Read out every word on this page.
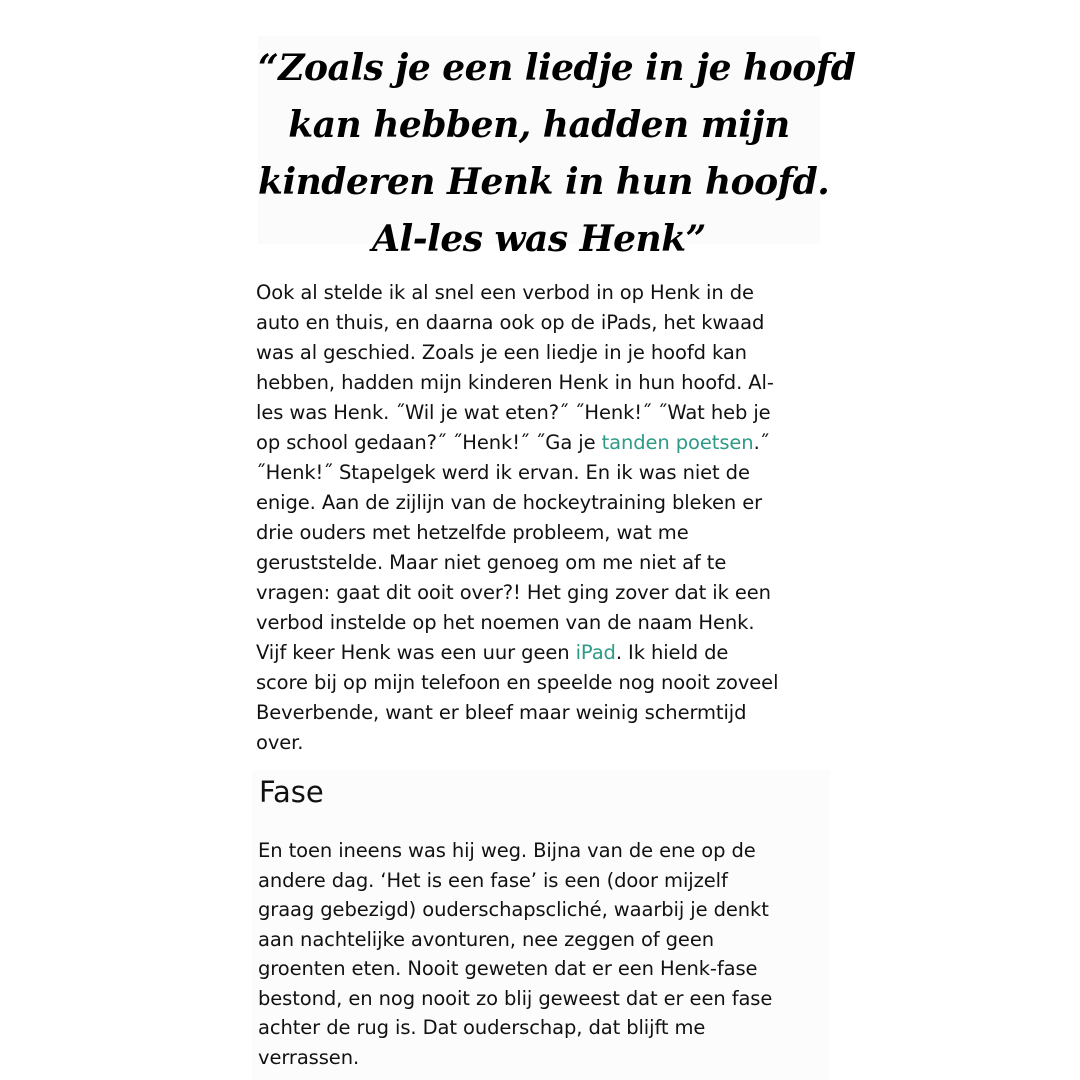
“Zoals je een liedje in je hoofd
kan hebben, hadden mijn
kinderen Henk in hun hoofd.
Al-les was Henk”

Ook al stelde ik al snel een verbod in op Henk in de
auto en thuis, en daarna ook op de iPads, het kwaad
was al geschied. Zoals je een liedje in je hoofd kan
hebben, hadden mijn kinderen Henk in hun hoofd. Al-
les was Henk. ˝Wil je wat eten?˝ ˝Henk!˝ ˝Wat heb je
op school gedaan?˝ ˝Henk!˝ ˝Ga je tanden poetsen.˝
˝Henk!˝ Stapelgek werd ik ervan. En ik was niet de
enige. Aan de zijlijn van de hockeytraining bleken er
drie ouders met hetzelfde probleem, wat me
geruststelde. Maar niet genoeg om me niet af te
vragen: gaat dit ooit over?! Het ging zover dat ik een
verbod instelde op het noemen van de naam Henk.
Vijf keer Henk was een uur geen iPad. Ik hield de
score bij op mijn telefoon en speelde nog nooit zoveel
Beverbende, want er bleef maar weinig schermtijd
over.
Fase
En toen ineens was hij weg. Bijna van de ene op de
andere dag. ‘Het is een fase’ is een (door mijzelf
graag gebezigd) ouderschapscliché, waarbij je denkt
aan nachtelijke avonturen, nee zeggen of geen
groenten eten. Nooit geweten dat er een Henk-fase
bestond, en nog nooit zo blij geweest dat er een fase
achter de rug is. Dat ouderschap, dat blijft me
verrassen.
